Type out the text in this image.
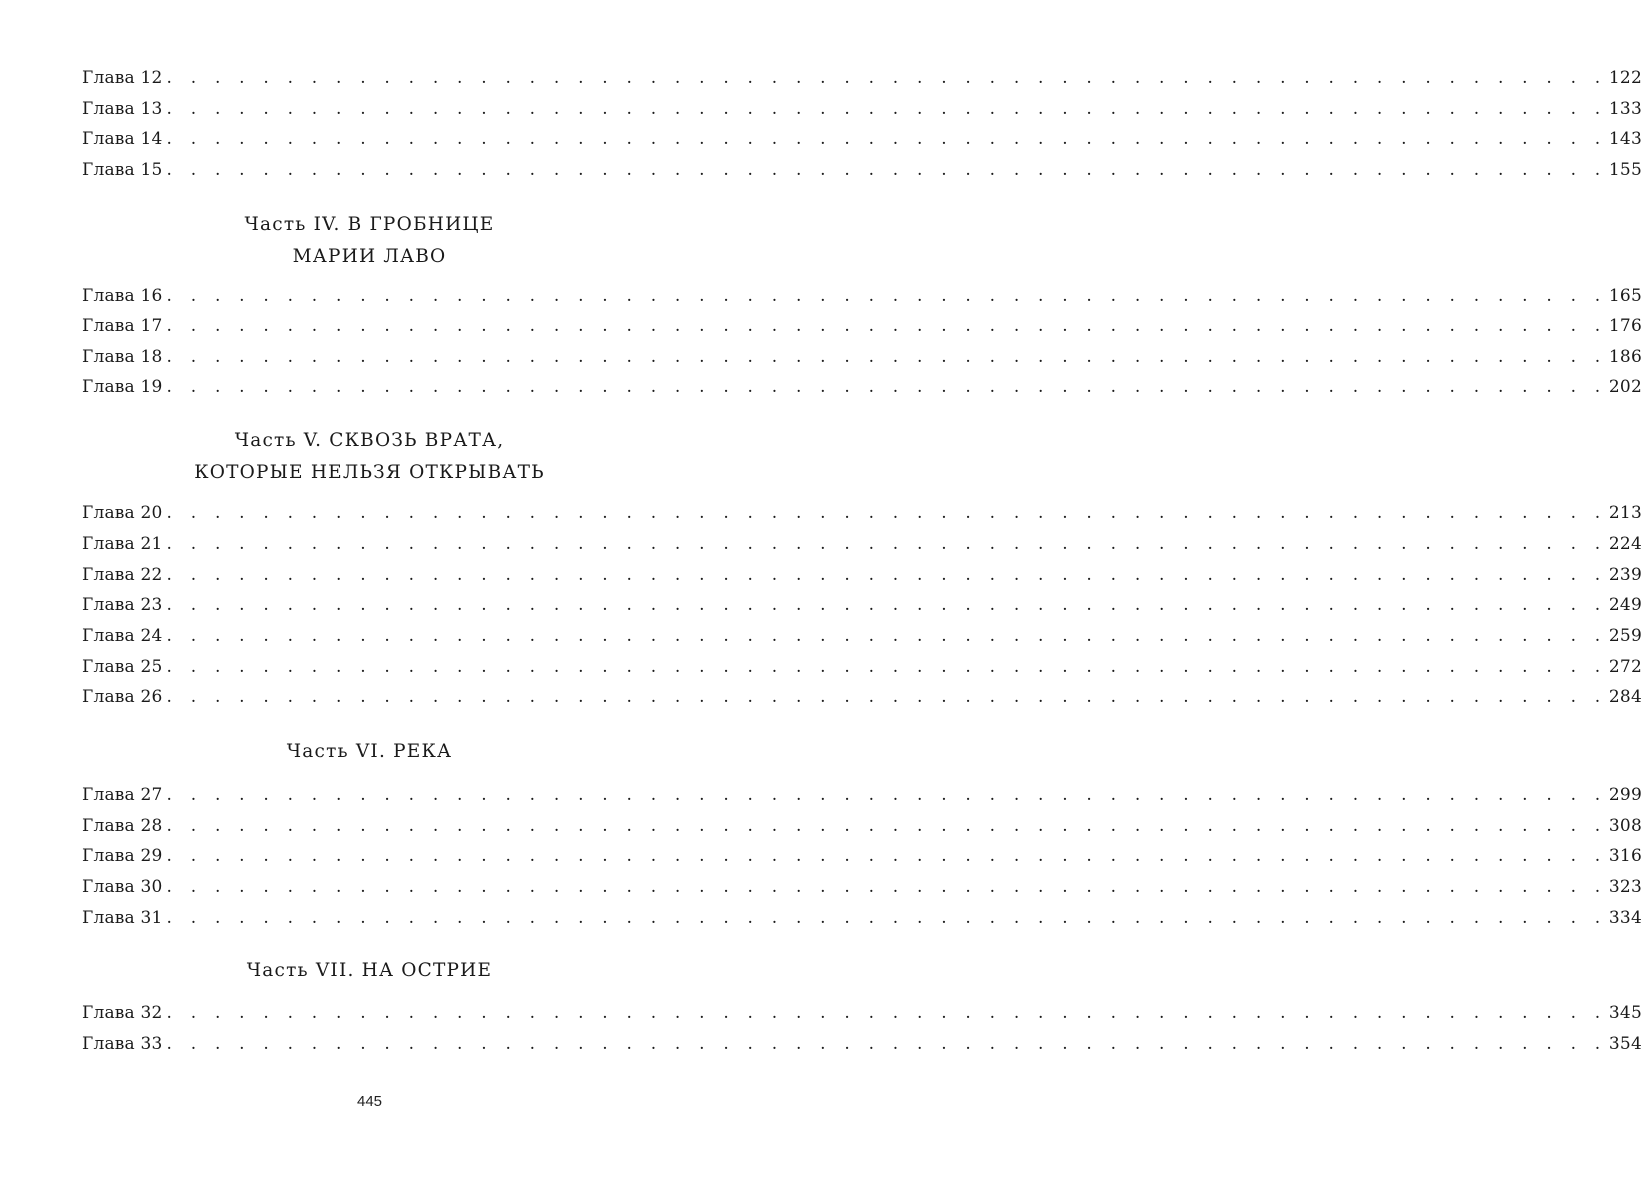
Глава 12 . . . . . . . . . . . . . . . . . . . . . . . . . . . . . . . . . . . . . . . . . . . . . . . . . . . . . . . . . . . . 122
Глава 13 . . . . . . . . . . . . . . . . . . . . . . . . . . . . . . . . . . . . . . . . . . . . . . . . . . . . . . . . . . . . 133
Глава 14 . . . . . . . . . . . . . . . . . . . . . . . . . . . . . . . . . . . . . . . . . . . . . . . . . . . . . . . . . . . . 143
Глава 15 . . . . . . . . . . . . . . . . . . . . . . . . . . . . . . . . . . . . . . . . . . . . . . . . . . . . . . . . . . . . 155
Часть IV. В ГРОБНИЦЕ
МАРИИ ЛАВО
Глава 16 . . . . . . . . . . . . . . . . . . . . . . . . . . . . . . . . . . . . . . . . . . . . . . . . . . . . . . . . . . . . 165
Глава 17 . . . . . . . . . . . . . . . . . . . . . . . . . . . . . . . . . . . . . . . . . . . . . . . . . . . . . . . . . . . . 176
Глава 18 . . . . . . . . . . . . . . . . . . . . . . . . . . . . . . . . . . . . . . . . . . . . . . . . . . . . . . . . . . . . 186
Глава 19 . . . . . . . . . . . . . . . . . . . . . . . . . . . . . . . . . . . . . . . . . . . . . . . . . . . . . . . . . . . . 202
Часть V. СКВОЗЬ ВРАТА,
КОТОРЫЕ НЕЛЬЗЯ ОТКРЫВАТЬ
Глава 20 . . . . . . . . . . . . . . . . . . . . . . . . . . . . . . . . . . . . . . . . . . . . . . . . . . . . . . . . . . . . 213
Глава 21 . . . . . . . . . . . . . . . . . . . . . . . . . . . . . . . . . . . . . . . . . . . . . . . . . . . . . . . . . . . . 224
Глава 22 . . . . . . . . . . . . . . . . . . . . . . . . . . . . . . . . . . . . . . . . . . . . . . . . . . . . . . . . . . . . 239
Глава 23 . . . . . . . . . . . . . . . . . . . . . . . . . . . . . . . . . . . . . . . . . . . . . . . . . . . . . . . . . . . . 249
Глава 24 . . . . . . . . . . . . . . . . . . . . . . . . . . . . . . . . . . . . . . . . . . . . . . . . . . . . . . . . . . . . 259
Глава 25 . . . . . . . . . . . . . . . . . . . . . . . . . . . . . . . . . . . . . . . . . . . . . . . . . . . . . . . . . . . . 272
Глава 26 . . . . . . . . . . . . . . . . . . . . . . . . . . . . . . . . . . . . . . . . . . . . . . . . . . . . . . . . . . . . 284
Часть VI. РЕКА
Глава 27 . . . . . . . . . . . . . . . . . . . . . . . . . . . . . . . . . . . . . . . . . . . . . . . . . . . . . . . . . . . . 299
Глава 28 . . . . . . . . . . . . . . . . . . . . . . . . . . . . . . . . . . . . . . . . . . . . . . . . . . . . . . . . . . . . 308
Глава 29 . . . . . . . . . . . . . . . . . . . . . . . . . . . . . . . . . . . . . . . . . . . . . . . . . . . . . . . . . . . . 316
Глава 30 . . . . . . . . . . . . . . . . . . . . . . . . . . . . . . . . . . . . . . . . . . . . . . . . . . . . . . . . . . . . 323
Глава 31 . . . . . . . . . . . . . . . . . . . . . . . . . . . . . . . . . . . . . . . . . . . . . . . . . . . . . . . . . . . . 334
Часть VII. НА ОСТРИЕ
Глава 32 . . . . . . . . . . . . . . . . . . . . . . . . . . . . . . . . . . . . . . . . . . . . . . . . . . . . . . . . . . . . 345
Глава 33 . . . . . . . . . . . . . . . . . . . . . . . . . . . . . . . . . . . . . . . . . . . . . . . . . . . . . . . . . . . . 354
445
